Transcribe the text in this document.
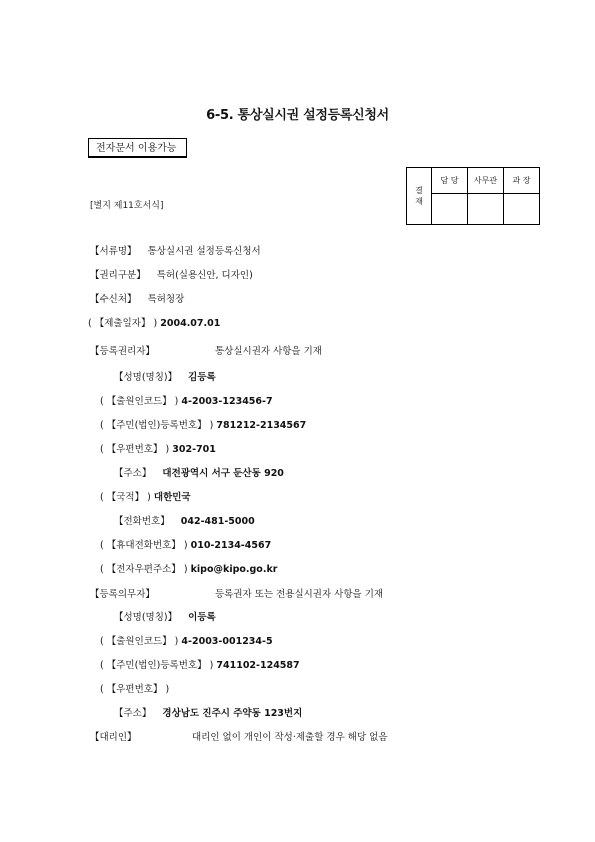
6-5. 통상실시권 설정등록신청서
전자문서 이용가능
결
재	담 당	사무관	과 장

[별지 제11호서식]
【서류명】 통상실시권 설정등록신청서
【권리구분】 특허(실용신안, 디자인)
【수신처】 특허청장
( 【제출일자】 ) 2004.07.01
【등록권리자】	통상실시권자 사항을 기재
【성명(명칭)】 김등록
( 【출원인코드】 ) 4-2003-123456-7
( 【주민(법인)등록번호】 ) 781212-2134567
( 【우편번호】 ) 302-701
【주소】 대전광역시 서구 둔산동 920
( 【국적】 ) 대한민국
【전화번호】 042-481-5000
( 【휴대전화번호】 ) 010-2134-4567
( 【전자우편주소】 ) kipo@kipo.go.kr
【등록의무자】	등록권자 또는 전용실시권자 사항을 기재
【성명(명칭)】 이등록
( 【출원인코드】 ) 4-2003-001234-5
( 【주민(법인)등록번호】 ) 741102-124587
( 【우편번호】 )
【주소】 경상남도 진주시 주약동 123번지
【대리인】	대리인 없이 개인이 작성·제출할 경우 해당 없음
